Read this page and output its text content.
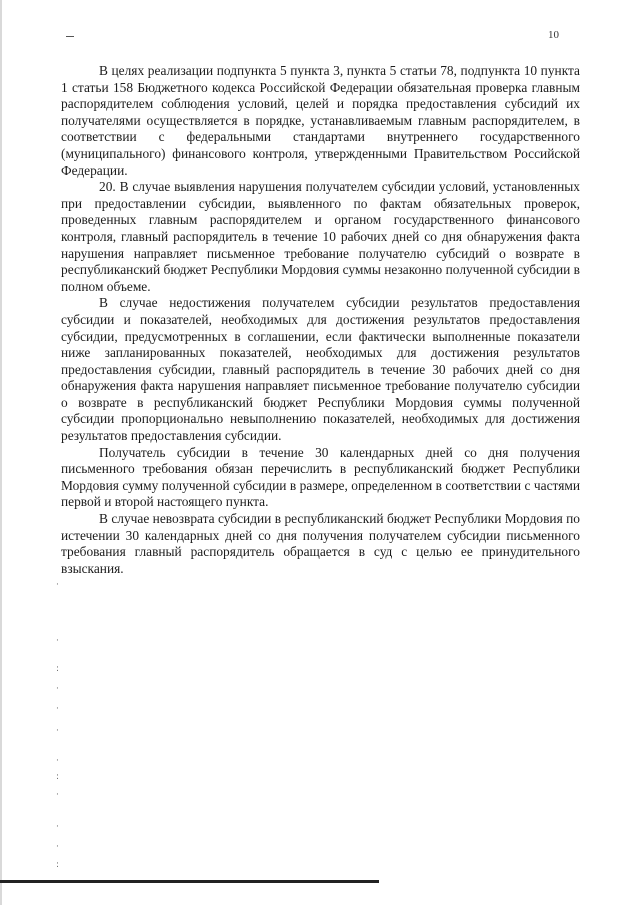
10

В целях реализации подпункта 5 пункта 3, пункта 5 статьи 78, подпункта 10 пункта 1 статьи 158 Бюджетного кодекса Российской Федерации обязательная проверка главным распорядителем соблюдения условий, целей и порядка предоставления субсидий их получателями осуществляется в порядке, устанавливаемым главным распорядителем, в соответствии с федеральными стандартами внутреннего государственного (муниципального) финансового контроля, утвержденными Правительством Российской Федерации.

20. В случае выявления нарушения получателем субсидии условий, установленных при предоставлении субсидии, выявленного по фактам обязательных проверок, проведенных главным распорядителем и органом государственного финансового контроля, главный распорядитель в течение 10 рабочих дней со дня обнаружения факта нарушения направляет письменное требование получателю субсидий о возврате в республиканский бюджет Республики Мордовия суммы незаконно полученной субсидии в полном объеме.

В случае недостижения получателем субсидии результатов предоставления субсидии и показателей, необходимых для достижения результатов предоставления субсидии, предусмотренных в соглашении, если фактически выполненные показатели ниже запланированных показателей, необходимых для достижения результатов предоставления субсидии, главный распорядитель в течение 30 рабочих дней со дня обнаружения факта нарушения направляет письменное требование получателю субсидии о возврате в республиканский бюджет Республики Мордовия суммы полученной субсидии пропорционально невыполнению показателей, необходимых для достижения результатов предоставления субсидии.

Получатель субсидии в течение 30 календарных дней со дня получения письменного требования обязан перечислить в республиканский бюджет Республики Мордовия сумму полученной субсидии в размере, определенном в соответствии с частями первой и второй настоящего пункта.

В случае невозврата субсидии в республиканский бюджет Республики Мордовия по истечении 30 календарных дней со дня получения получателем субсидии письменного требования главный распорядитель обращается в суд с целью ее принудительного взыскания.

·
·
:
·
·
·
·
:
·
·
·
:
